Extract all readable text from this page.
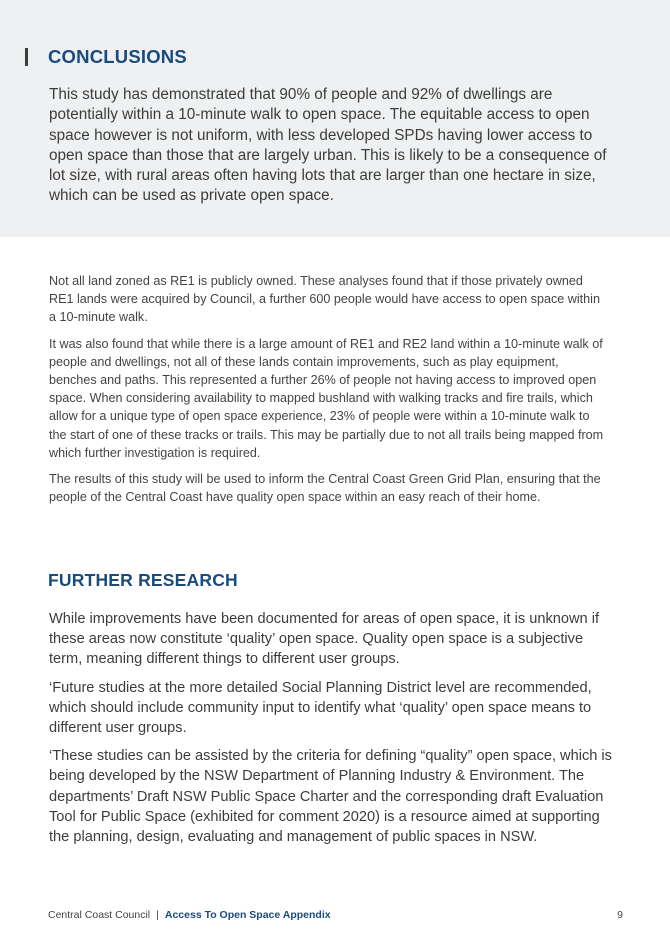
CONCLUSIONS

This study has demonstrated that 90% of people and 92% of dwellings are potentially within a 10-minute walk to open space. The equitable access to open space however is not uniform, with less developed SPDs having lower access to open space than those that are largely urban. This is likely to be a consequence of lot size, with rural areas often having lots that are larger than one hectare in size, which can be used as private open space.

Not all land zoned as RE1 is publicly owned. These analyses found that if those privately owned RE1 lands were acquired by Council, a further 600 people would have access to open space within a 10-minute walk.

It was also found that while there is a large amount of RE1 and RE2 land within a 10-minute walk of people and dwellings, not all of these lands contain improvements, such as play equipment, benches and paths. This represented a further 26% of people not having access to improved open space. When considering availability to mapped bushland with walking tracks and fire trails, which allow for a unique type of open space experience, 23% of people were within a 10-minute walk to the start of one of these tracks or trails. This may be partially due to not all trails being mapped from which further investigation is required.

The results of this study will be used to inform the Central Coast Green Grid Plan, ensuring that the people of the Central Coast have quality open space within an easy reach of their home.

FURTHER RESEARCH

While improvements have been documented for areas of open space, it is unknown if these areas now constitute ‘quality’ open space. Quality open space is a subjective term, meaning different things to different user groups.

‘Future studies at the more detailed Social Planning District level are recommended, which should include community input to identify what ‘quality’ open space means to different user groups.

‘These studies can be assisted by the criteria for defining “quality” open space, which is being developed by the NSW Department of Planning Industry & Environment. The departments’ Draft NSW Public Space Charter and the corresponding draft Evaluation Tool for Public Space (exhibited for comment 2020) is a resource aimed at supporting the planning, design, evaluating and management of public spaces in NSW.

Central Coast Council | Access To Open Space Appendix	9
